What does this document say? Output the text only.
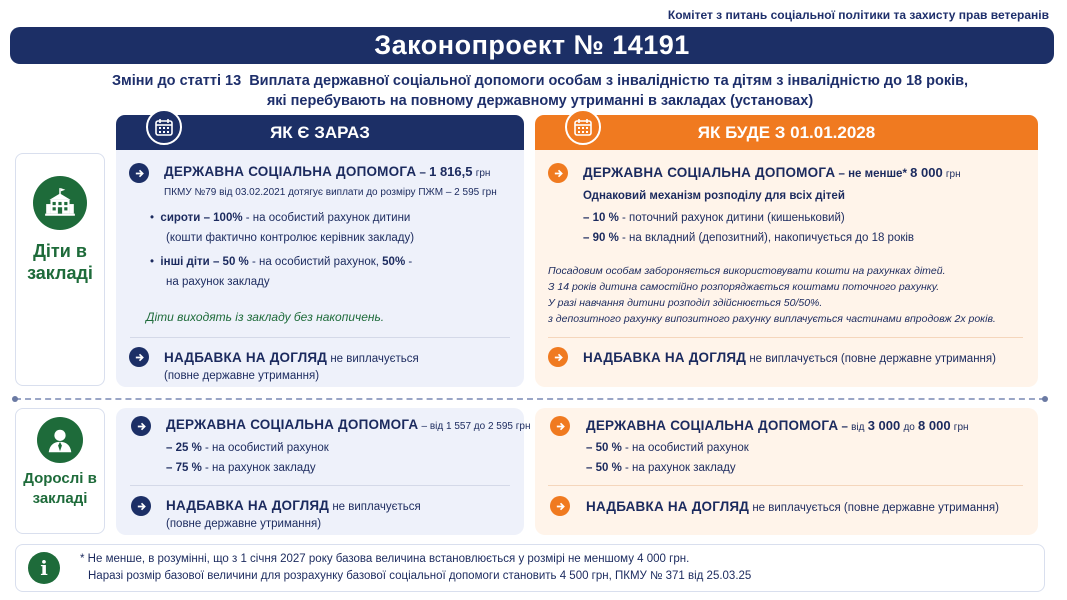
Комітет з питань соціальної політики та захисту прав ветеранів
Законопроект № 14191
Зміни до статті 13 Виплата державної соціальної допомоги особам з інвалідністю та дітям з інвалідністю до 18 років,
які перебувають на повному державному утриманні в закладах (установах)
ЯК Є ЗАРАЗ	ЯК БУДЕ З 01.01.2028
Діти в
закладі
Дорослі в
закладі
ДЕРЖАВНА СОЦІАЛЬНА ДОПОМОГА – 1 816,5 грн
ПКМУ №79 від 03.02.2021 дотягує виплати до розміру ПЖМ – 2 595 грн
•  сироти – 100% - на особистий рахунок дитини
(кошти фактично контролює керівник закладу)
•  інші діти – 50 % - на особистий рахунок, 50% -
на рахунок закладу
Діти виходять із закладу без накопичень.
НАДБАВКА НА ДОГЛЯД не виплачується
(повне державне утримання)
ДЕРЖАВНА СОЦІАЛЬНА ДОПОМОГА – не менше* 8 000 грн
Однаковий механізм розподілу для всіх дітей
– 10 % - поточний рахунок дитини (кишеньковий)
– 90 % - на вкладний (депозитний), накопичується до 18 років
Посадовим особам забороняється використовувати кошти на рахунках дітей.
З 14 років дитина самостійно розпоряджається коштами поточного рахунку.
У разі навчання дитини розподіл здійснюється 50/50%.
з депозитного рахунку випозитного рахунку виплачується частинами впродовж 2х років.
НАДБАВКА НА ДОГЛЯД не виплачується (повне державне утримання)
ДЕРЖАВНА СОЦІАЛЬНА ДОПОМОГА – від 1 557 до 2 595 грн
– 25 % - на особистий рахунок
– 75 % - на рахунок закладу
НАДБАВКА НА ДОГЛЯД не виплачується
(повне державне утримання)
ДЕРЖАВНА СОЦІАЛЬНА ДОПОМОГА – від 3 000 до 8 000 грн
– 50 % - на особистий рахунок
– 50 % - на рахунок закладу
НАДБАВКА НА ДОГЛЯД не виплачується (повне державне утримання)
i	* Не менше, в розумінні, що з 1 січня 2027 року базова величина встановлюється у розмірі не меншому 4 000 грн.
Наразі розмір базової величини для розрахунку базової соціальної допомоги становить 4 500 грн, ПКМУ № 371 від 25.03.25
